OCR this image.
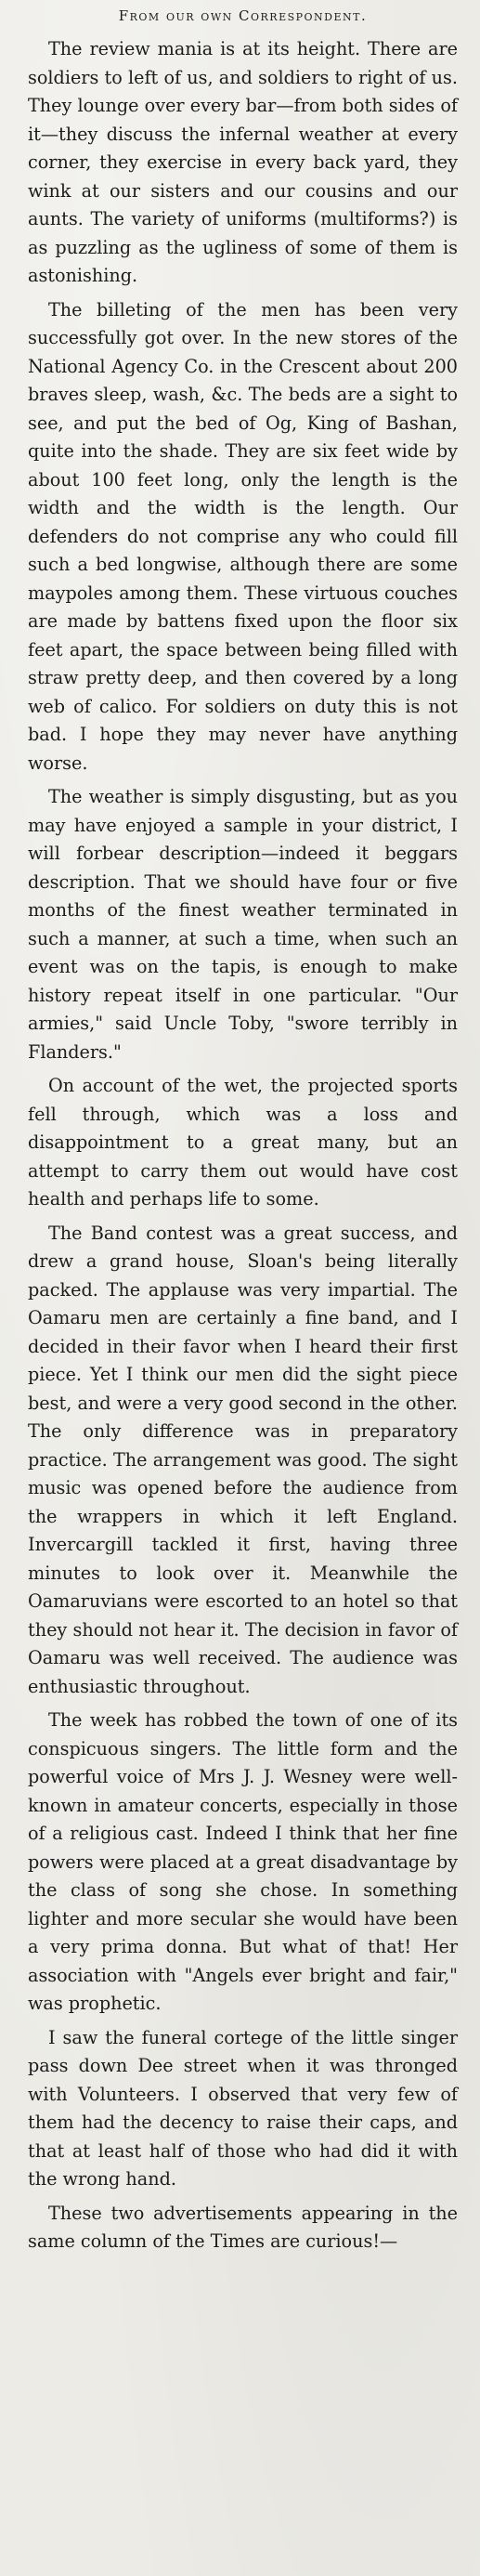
From our own Correspondent.

The review mania is at its height. There are soldiers to left of us, and soldiers to right of us. They lounge over every bar—from both sides of it—they discuss the infernal weather at every corner, they exercise in every back yard, they wink at our sisters and our cousins and our aunts. The variety of uniforms (multiforms?) is as puzzling as the ugliness of some of them is astonishing.

The billeting of the men has been very successfully got over. In the new stores of the National Agency Co. in the Crescent about 200 braves sleep, wash, &c. The beds are a sight to see, and put the bed of Og, King of Bashan, quite into the shade. They are six feet wide by about 100 feet long, only the length is the width and the width is the length. Our defenders do not comprise any who could fill such a bed longwise, although there are some maypoles among them. These virtuous couches are made by battens fixed upon the floor six feet apart, the space between being filled with straw pretty deep, and then covered by a long web of calico. For soldiers on duty this is not bad. I hope they may never have anything worse.

The weather is simply disgusting, but as you may have enjoyed a sample in your district, I will forbear description—indeed it beggars description. That we should have four or five months of the finest weather terminated in such a manner, at such a time, when such an event was on the tapis, is enough to make history repeat itself in one particular. "Our armies," said Uncle Toby, "swore terribly in Flanders."

On account of the wet, the projected sports fell through, which was a loss and disappointment to a great many, but an attempt to carry them out would have cost health and perhaps life to some.

The Band contest was a great success, and drew a grand house, Sloan's being literally packed. The applause was very impartial. The Oamaru men are certainly a fine band, and I decided in their favor when I heard their first piece. Yet I think our men did the sight piece best, and were a very good second in the other. The only difference was in preparatory practice. The arrangement was good. The sight music was opened before the audience from the wrappers in which it left England. Invercargill tackled it first, having three minutes to look over it. Meanwhile the Oamaruvians were escorted to an hotel so that they should not hear it. The decision in favor of Oamaru was well received. The audience was enthusiastic throughout.

The week has robbed the town of one of its conspicuous singers. The little form and the powerful voice of Mrs J. J. Wesney were well-known in amateur concerts, especially in those of a religious cast. Indeed I think that her fine powers were placed at a great disadvantage by the class of song she chose. In something lighter and more secular she would have been a very prima donna. But what of that! Her association with "Angels ever bright and fair," was prophetic.

I saw the funeral cortege of the little singer pass down Dee street when it was thronged with Volunteers. I observed that very few of them had the decency to raise their caps, and that at least half of those who had did it with the wrong hand.

These two advertisements appearing in the same column of the Times are curious!—
